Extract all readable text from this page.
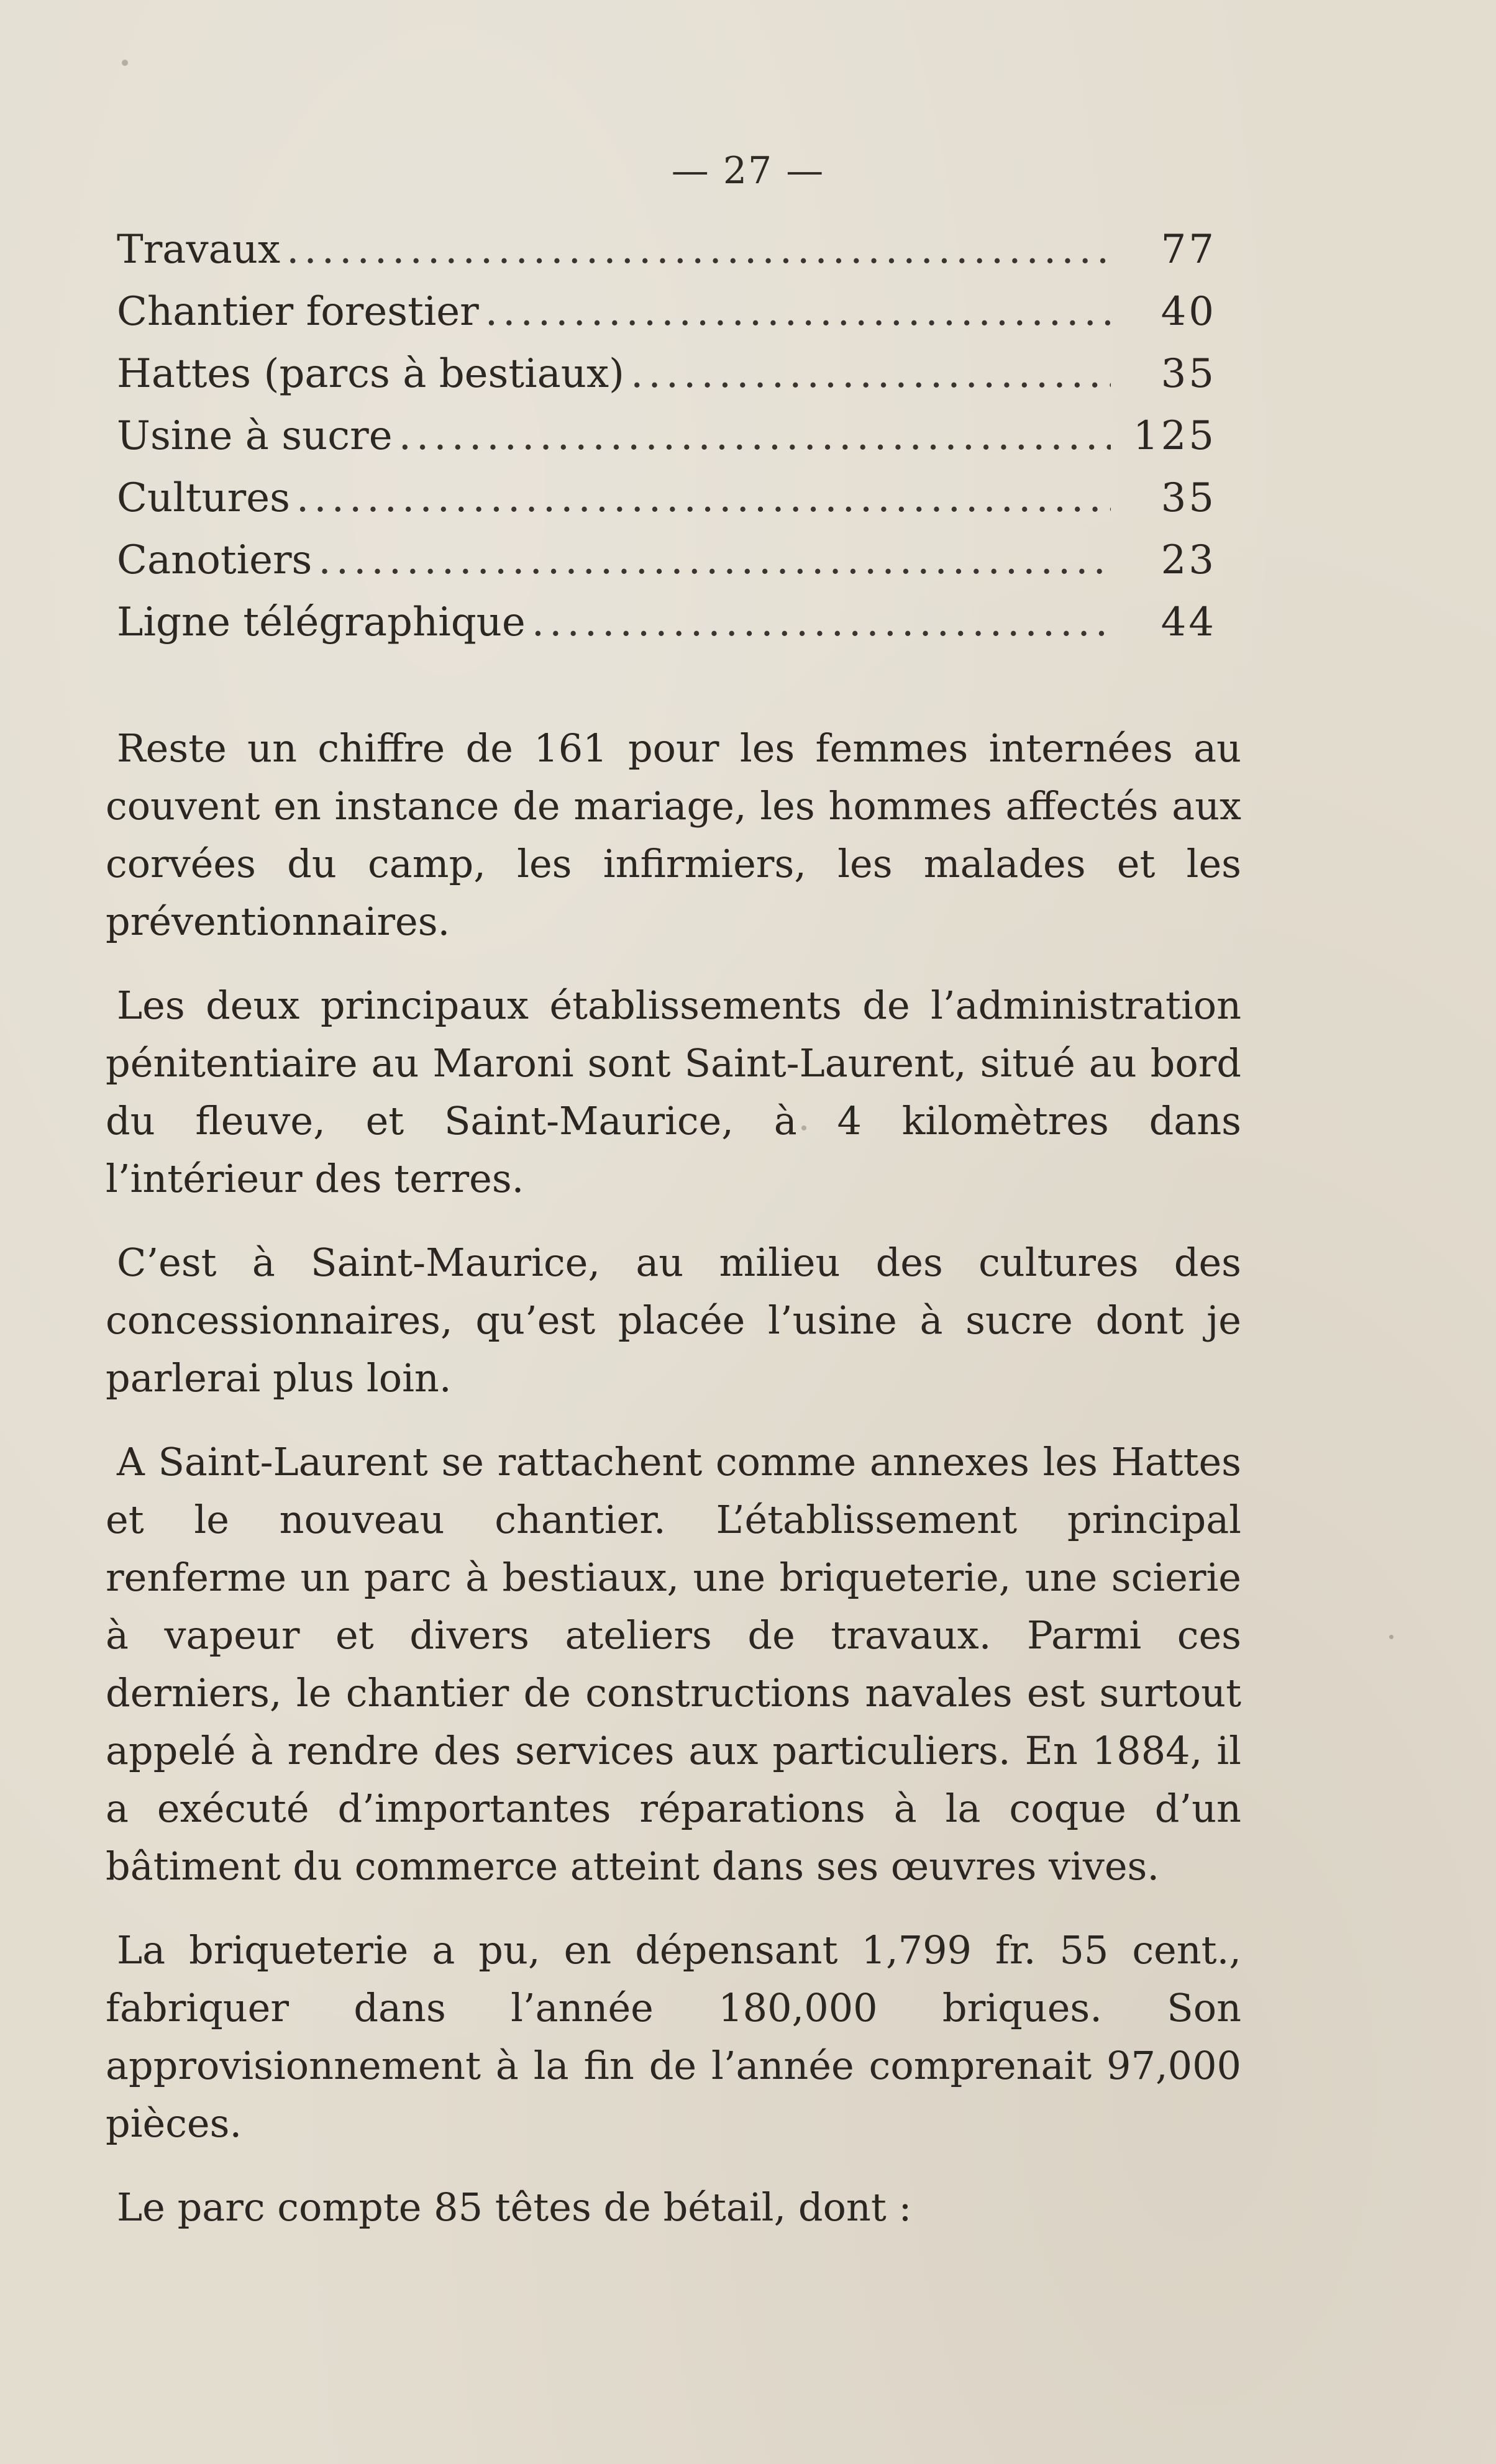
— 27 —
Travaux .....	77
Chantier forestier .....	40
Hattes (parcs à bestiaux) .....	35
Usine à sucre .....	125
Cultures .....	35
Canotiers .....	23
Ligne télégraphique .....	44

Reste un chiffre de 161 pour les femmes internées au couvent en instance de mariage, les hommes affectés aux corvées du camp, les infirmiers, les malades et les préventionnaires.

Les deux principaux établissements de l’administration pénitentiaire au Maroni sont Saint-Laurent, situé au bord du fleuve, et Saint-Maurice, à 4 kilomètres dans l’intérieur des terres.

C’est à Saint-Maurice, au milieu des cultures des concessionnaires, qu’est placée l’usine à sucre dont je parlerai plus loin.

A Saint-Laurent se rattachent comme annexes les Hattes et le nouveau chantier. L’établissement principal renferme un parc à bestiaux, une briqueterie, une scierie à vapeur et divers ateliers de travaux. Parmi ces derniers, le chantier de constructions navales est surtout appelé à rendre des services aux particuliers. En 1884, il a exécuté d’importantes réparations à la coque d’un bâtiment du commerce atteint dans ses œuvres vives.

La briqueterie a pu, en dépensant 1,799 fr. 55 cent., fabriquer dans l’année 180,000 briques. Son approvisionnement à la fin de l’année comprenait 97,000 pièces.

Le parc compte 85 têtes de bétail, dont :
